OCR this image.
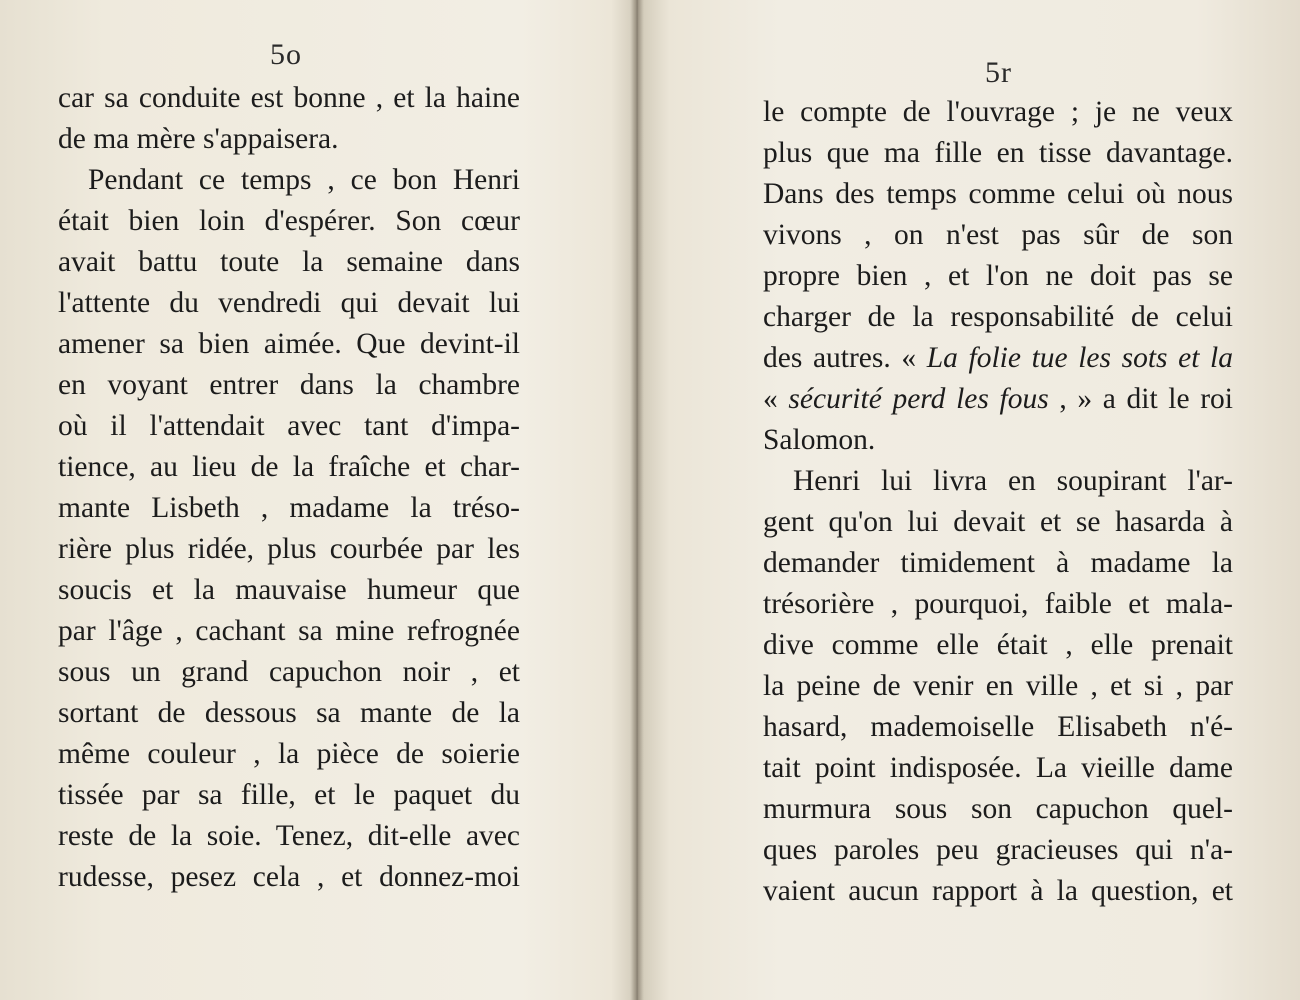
5o
car sa conduite est bonne , et la haine
de ma mère s'appaisera.
Pendant ce temps , ce bon Henri
était bien loin d'espérer. Son cœur
avait battu toute la semaine dans
l'attente du vendredi qui devait lui
amener sa bien aimée. Que devint-il
en voyant entrer dans la chambre
où il l'attendait avec tant d'impa-
tience, au lieu de la fraîche et char-
mante Lisbeth , madame la tréso-
rière plus ridée, plus courbée par les
soucis et la mauvaise humeur que
par l'âge , cachant sa mine refrognée
sous un grand capuchon noir , et
sortant de dessous sa mante de la
même couleur , la pièce de soierie
tissée par sa fille, et le paquet du
reste de la soie. Tenez, dit-elle avec
rudesse, pesez cela , et donnez-moi
5r
le compte de l'ouvrage ; je ne veux
plus que ma fille en tisse davantage.
Dans des temps comme celui où nous
vivons , on n'est pas sûr de son
propre bien , et l'on ne doit pas se
charger de la responsabilité de celui
des autres. « La folie tue les sots et la
« sécurité perd les fous , » a dit le roi
Salomon.
Henri lui livra en soupirant l'ar-
gent qu'on lui devait et se hasarda à
demander timidement à madame la
trésorière , pourquoi, faible et mala-
dive comme elle était , elle prenait
la peine de venir en ville , et si , par
hasard, mademoiselle Elisabeth n'é-
tait point indisposée. La vieille dame
murmura sous son capuchon quel-
ques paroles peu gracieuses qui n'a-
vaient aucun rapport à la question, et
